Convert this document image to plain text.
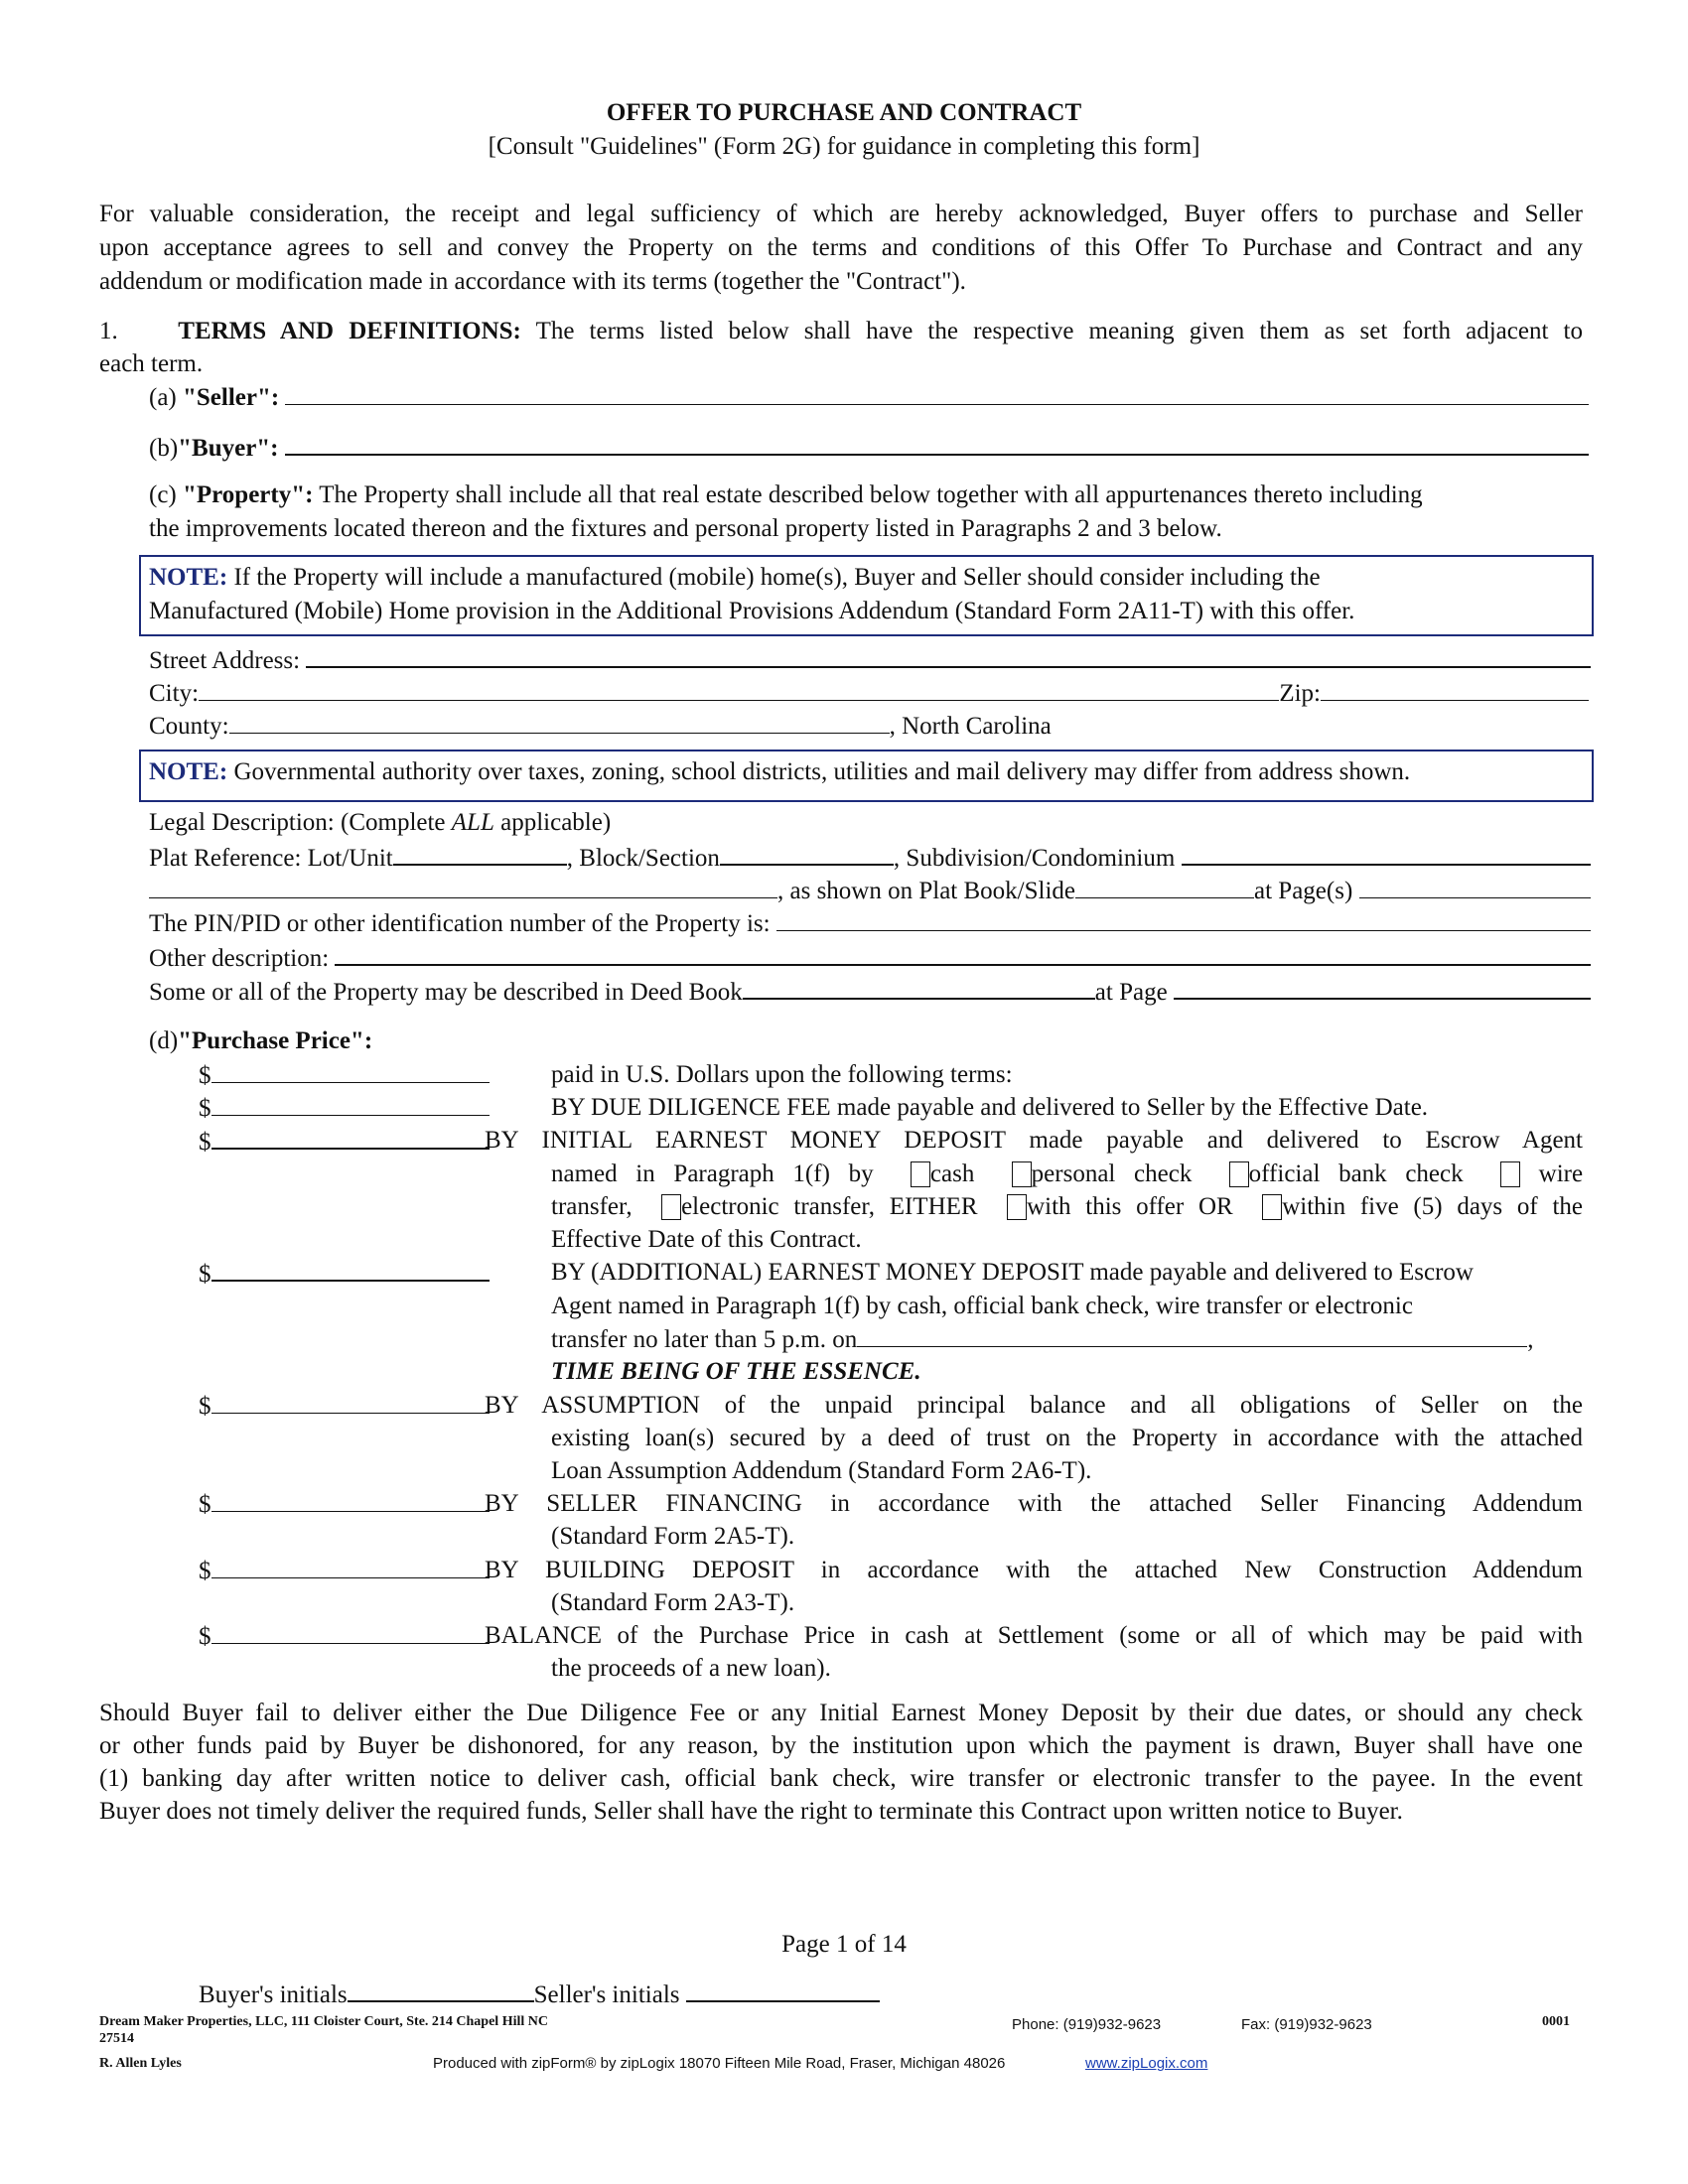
OFFER TO PURCHASE AND CONTRACT
[Consult "Guidelines" (Form 2G) for guidance in completing this form]
For valuable consideration, the receipt and legal sufficiency of which are hereby acknowledged, Buyer offers to purchase and Seller
upon acceptance agrees to sell and convey the Property on the terms and conditions of this Offer To Purchase and Contract and any
addendum or modification made in accordance with its terms (together the "Contract").
1. TERMS AND DEFINITIONS: The terms listed below shall have the respective meaning given them as set forth adjacent to
each term.
(a)
"Seller":

(b) "Buyer":

(c) "Property": The Property shall include all that real estate described below together with all appurtenances thereto including
the improvements located thereon and the fixtures and personal property listed in Paragraphs 2 and 3 below.
NOTE: If the Property will include a manufactured (mobile) home(s), Buyer and Seller should consider including the
Manufactured (Mobile) Home provision in the Additional Provisions Addendum (Standard Form 2A11-T) with this offer.
Street Address:

City:	Zip:
County:	, North Carolina
NOTE: Governmental authority over taxes, zoning, school districts, utilities and mail delivery may differ from address shown.
Legal Description: (Complete ALL applicable)
Plat Reference: Lot/Unit	, Block/Section	, Subdivision/Condominium

, as shown on Plat Book/Slide	at Page(s)

The PIN/PID or other identification number of the Property is:

Other description:

Some or all of the Property may be described in Deed Book	at Page

(d)"Purchase Price":
$	paid in U.S. Dollars upon the following terms:
$	BY DUE DILIGENCE FEE made payable and delivered to Seller by the Effective Date.
$	BY INITIAL EARNEST MONEY DEPOSIT made payable and delivered to Escrow Agent
named in Paragraph 1(f) by cash personal check official bank check	wire
transfer, electronic transfer, EITHER with this offer OR within five (5) days of the
Effective Date of this Contract.
$	BY (ADDITIONAL) EARNEST MONEY DEPOSIT made payable and delivered to Escrow
Agent named in Paragraph 1(f) by cash, official bank check, wire transfer or electronic
transfer no later than 5 p.m. on	,
TIME BEING OF THE ESSENCE.
$	BY ASSUMPTION of the unpaid principal balance and all obligations of Seller on the
existing loan(s) secured by a deed of trust on the Property in accordance with the attached
Loan Assumption Addendum (Standard Form 2A6-T).
$	BY SELLER FINANCING in accordance with the attached Seller Financing Addendum
(Standard Form 2A5-T).
$	BY BUILDING DEPOSIT in accordance with the attached New Construction Addendum
(Standard Form 2A3-T).
$	BALANCE of the Purchase Price in cash at Settlement (some or all of which may be paid with
the proceeds of a new loan).
Should Buyer fail to deliver either the Due Diligence Fee or any Initial Earnest Money Deposit by their due dates, or should any check
or other funds paid by Buyer be dishonored, for any reason, by the institution upon which the payment is drawn, Buyer shall have one
(1) banking day after written notice to deliver cash, official bank check, wire transfer or electronic transfer to the payee. In the event
Buyer does not timely deliver the required funds, Seller shall have the right to terminate this Contract upon written notice to Buyer.
Page 1 of 14
Buyer's initials	Seller's initials

Dream Maker Properties, LLC, 111 Cloister Court, Ste. 214 Chapel Hill NC
27514
R. Allen Lyles
Phone: (919)932-9623	Fax: (919)932-9623	0001
Produced with zipForm® by zipLogix 18070 Fifteen Mile Road, Fraser, Michigan 48026	www.zipLogix.com
